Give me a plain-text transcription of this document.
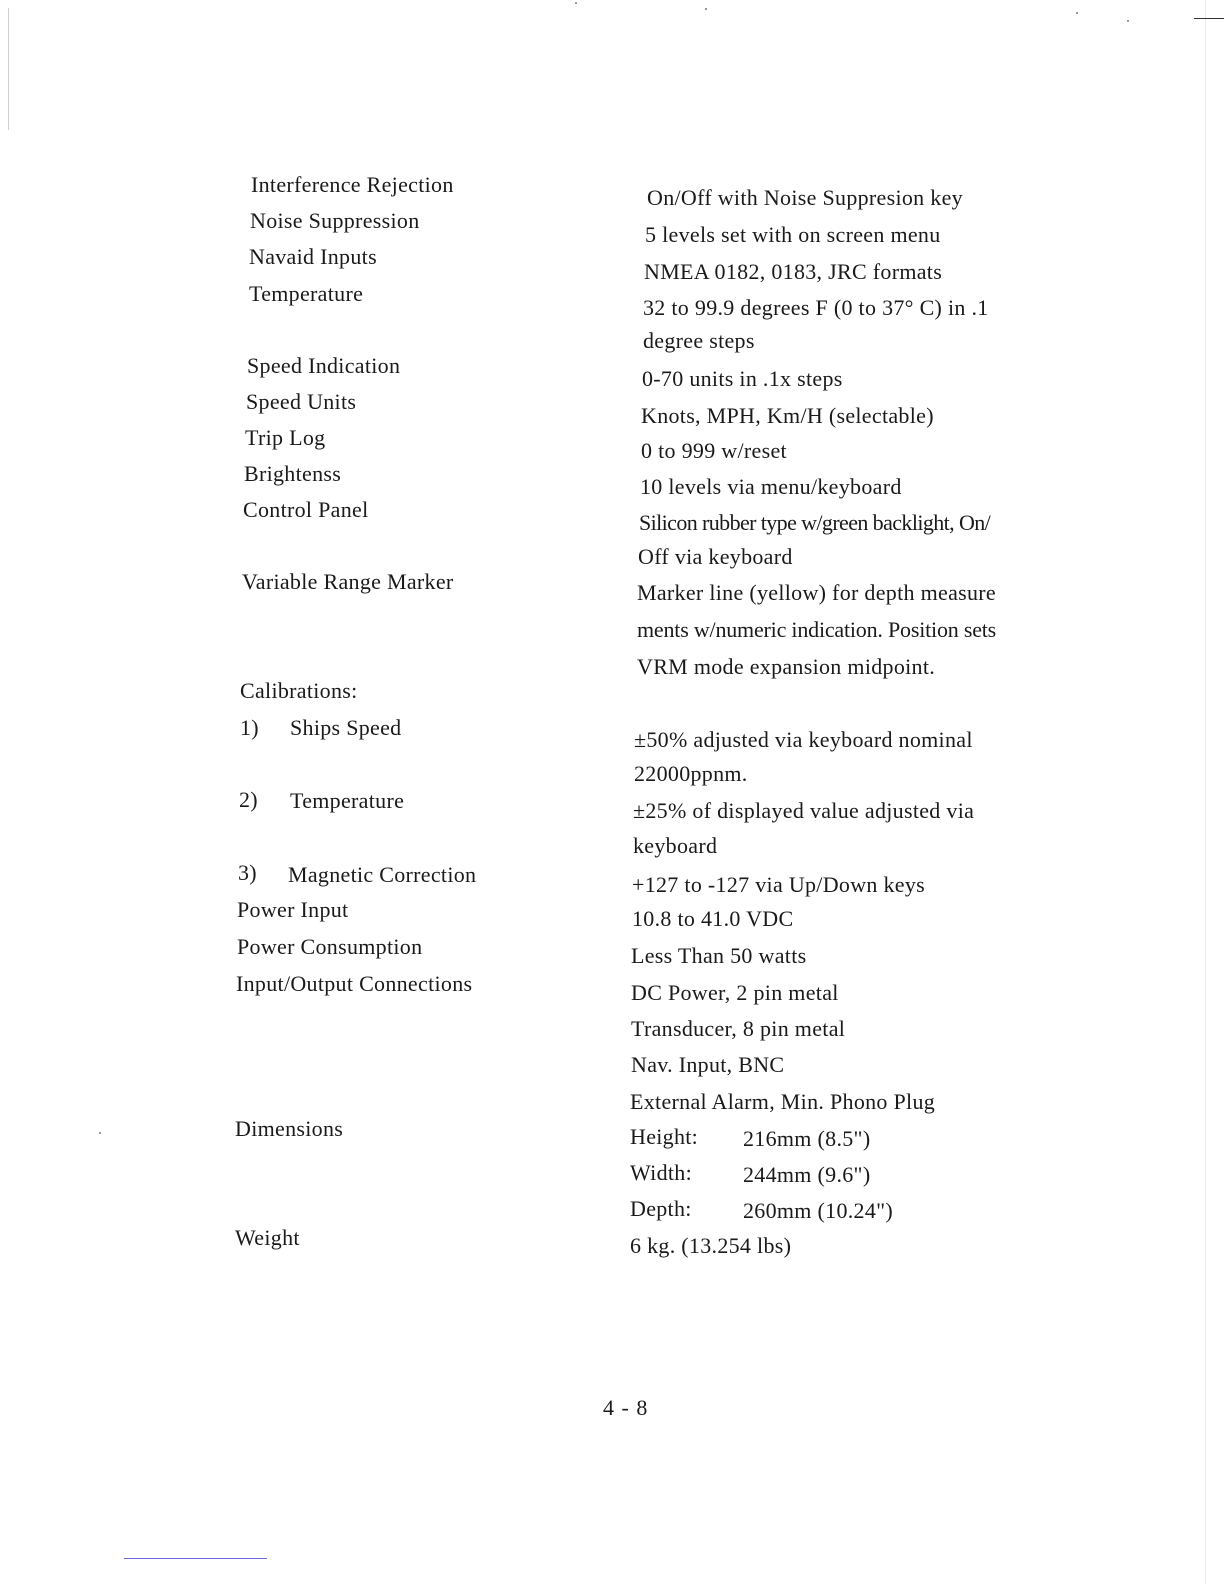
Interference Rejection
Noise Suppression
Navaid Inputs
Temperature
Speed Indication
Speed Units
Trip Log
Brightenss
Control Panel
Variable Range Marker
Calibrations:
1) Ships Speed
2) Temperature
3) Magnetic Correction
Power Input
Power Consumption
Input/Output Connections
Dimensions
Weight
On/Off with Noise Suppresion key
5 levels set with on screen menu
NMEA 0182, 0183, JRC formats
32 to 99.9 degrees F (0 to 37° C) in .1
degree steps
0-70 units in .1x steps
Knots, MPH, Km/H (selectable)
0 to 999 w/reset
10 levels via menu/keyboard
Silicon rubber type w/green backlight, On/
Off via keyboard
Marker line (yellow) for depth measure
ments w/numeric indication. Position sets
VRM mode expansion midpoint.
±50% adjusted via keyboard nominal
22000ppnm.
±25% of displayed value adjusted via
keyboard
+127 to -127 via Up/Down keys
10.8 to 41.0 VDC
Less Than 50 watts
DC Power, 2 pin metal
Transducer, 8 pin metal
Nav. Input, BNC
External Alarm, Min. Phono Plug
Height: 216mm (8.5")
Width: 244mm (9.6")
Depth: 260mm (10.24")
6 kg. (13.254 lbs)
4 - 8
